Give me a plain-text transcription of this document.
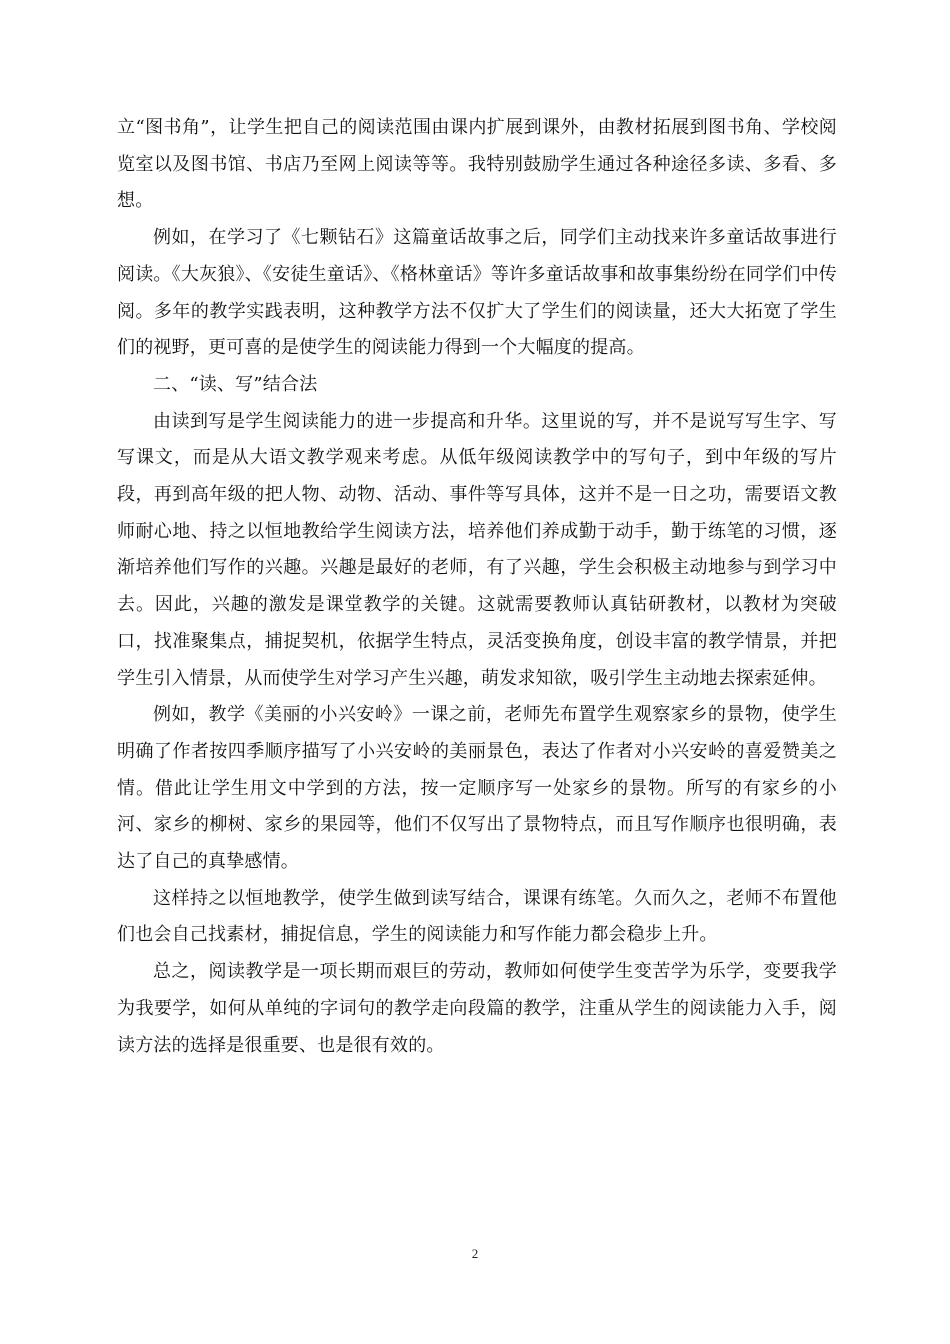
立“图书角”，让学生把自己的阅读范围由课内扩展到课外，由教材拓展到图书角、学校阅览室以及图书馆、书店乃至网上阅读等等。我特别鼓励学生通过各种途径多读、多看、多想。

例如，在学习了《七颗钻石》这篇童话故事之后，同学们主动找来许多童话故事进行阅读。《大灰狼》、《安徒生童话》、《格林童话》等许多童话故事和故事集纷纷在同学们中传阅。多年的教学实践表明，这种教学方法不仅扩大了学生们的阅读量，还大大拓宽了学生们的视野，更可喜的是使学生的阅读能力得到一个大幅度的提高。

二、“读、写”结合法

由读到写是学生阅读能力的进一步提高和升华。这里说的写，并不是说写写生字、写写课文，而是从大语文教学观来考虑。从低年级阅读教学中的写句子，到中年级的写片段，再到高年级的把人物、动物、活动、事件等写具体，这并不是一日之功，需要语文教师耐心地、持之以恒地教给学生阅读方法，培养他们养成勤于动手，勤于练笔的习惯，逐渐培养他们写作的兴趣。兴趣是最好的老师，有了兴趣，学生会积极主动地参与到学习中去。因此，兴趣的激发是课堂教学的关键。这就需要教师认真钻研教材，以教材为突破口，找准聚集点，捕捉契机，依据学生特点，灵活变换角度，创设丰富的教学情景，并把学生引入情景，从而使学生对学习产生兴趣，萌发求知欲，吸引学生主动地去探索延伸。

例如，教学《美丽的小兴安岭》一课之前，老师先布置学生观察家乡的景物，使学生明确了作者按四季顺序描写了小兴安岭的美丽景色，表达了作者对小兴安岭的喜爱赞美之情。借此让学生用文中学到的方法，按一定顺序写一处家乡的景物。所写的有家乡的小河、家乡的柳树、家乡的果园等，他们不仅写出了景物特点，而且写作顺序也很明确，表达了自己的真挚感情。

这样持之以恒地教学，使学生做到读写结合，课课有练笔。久而久之，老师不布置他们也会自己找素材，捕捉信息，学生的阅读能力和写作能力都会稳步上升。

总之，阅读教学是一项长期而艰巨的劳动，教师如何使学生变苦学为乐学，变要我学为我要学，如何从单纯的字词句的教学走向段篇的教学，注重从学生的阅读能力入手，阅读方法的选择是很重要、也是很有效的。

2
